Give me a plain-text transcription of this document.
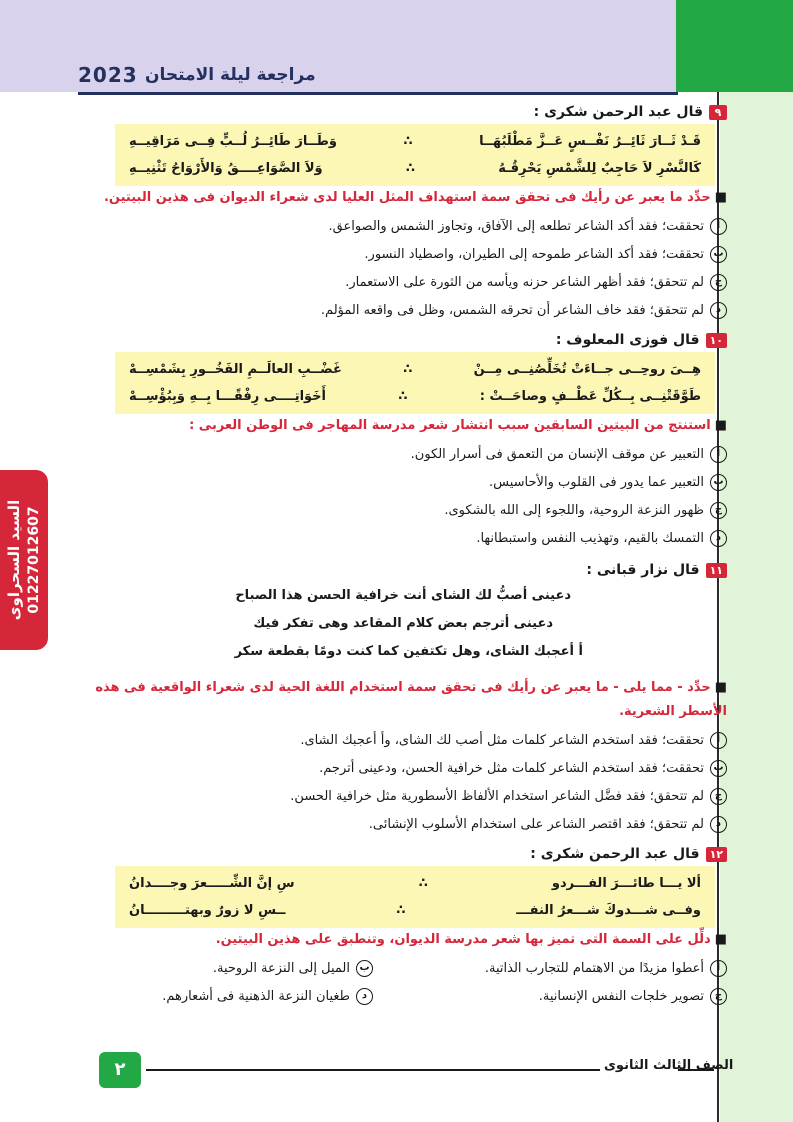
مراجعة ليلة الامتحان
2023
السيد السحراوى 01227012607
٩
قال عبد الرحمن شكرى :
قَـدْ ثَــارَ ثَائِــرُ نَفْــسٍ عَــزَّ مَطْلَبُهَــا
∴
وَطَــارَ طَائِــرُ لُــبٍّ فِــى مَرَاقِيــهِ
كَالنَّسْرِ لاَ حَاجِبٌ لِلشَّمْسِ يَحْرِقُـهُ
∴
وَلاَ الصَّوَاعِــــقُ وَالأَرْوَاحُ تَثْنِيــهِ
■حدِّد ما يعبر عن رأيك فى تحقق سمة استهداف المثل العليا لدى شعراء الديوان فى هذين البيتين.
أ
تحققت؛ فقد أكد الشاعر تطلعه إلى الآفاق، وتجاوز الشمس والصواعق.
ب
تحققت؛ فقد أكد الشاعر طموحه إلى الطيران، واصطياد النسور.
ج
لم تتحقق؛ فقد أظهر الشاعر حزنه ويأسه من الثورة على الاستعمار.
د
لم تتحقق؛ فقد خاف الشاعر أن تحرقه الشمس، وظل فى واقعه المؤلم.
١٠
قال فوزى المعلوف :
هِــىَ روحِــى جــاءَتْ تُخَلِّصُنِــى مِــنْ
∴
غَضْــبِ العالَــمِ الفَخُــورِ بِشَمْسِــهْ
طَوَّقَتْنِــى بِــكُلِّ عَطْــفٍ وصاحَــتْ :
∴
أَخَوَاتِــــى رِفْقًـــا بِــهِ وَبِبُؤْسِــهْ
■استنتج من البيتين السابقين سبب انتشار شعر مدرسة المهاجر فى الوطن العربى :
أ
التعبير عن موقف الإنسان من التعمق فى أسرار الكون.
ب
التعبير عما يدور فى القلوب والأحاسيس.
ج
ظهور النزعة الروحية، واللجوء إلى الله بالشكوى.
د
التمسك بالقيم، وتهذيب النفس واستبطانها.
١١
قال نزار قبانى :
دعينى أصبُّ لك الشاى أنت خرافية الحسن هذا الصباح
دعينى أترجم بعض كلام المقاعد وهى تفكر فيك
أ أعجبك الشاى، وهل تكتفين كما كنت دومًا بقطعة سكر
■حدِّد - مما يلى - ما يعبر عن رأيك فى تحقق سمة استخدام اللغة الحية لدى شعراء الواقعية فى هذه الأسطر الشعرية.
أ
تحققت؛ فقد استخدم الشاعر كلمات مثل أصب لك الشاى، وأ أعجبك الشاى.
ب
تحققت؛ فقد استخدم الشاعر كلمات مثل خرافية الحسن، ودعينى أترجم.
ج
لم تتحقق؛ فقد فضَّل الشاعر استخدام الألفاظ الأسطورية مثل خرافية الحسن.
د
لم تتحقق؛ فقد اقتصر الشاعر على استخدام الأسلوب الإنشائى.
١٢
قال عبد الرحمن شكرى :
ألا يـــا طائـــرَ الفـــردو
∴
سِ إنَّ الشِّـــــعرَ وجــــدانُ
وفــى شـــدوكَ شـــعرُ النفـــ
∴
ــسِ لا زورٌ وبهتـــــــــانُ
■دلِّل على السمة التى تميز بها شعر مدرسة الديوان، وتنطبق على هذين البيتين.
أ
أعطوا مزيدًا من الاهتمام للتجارب الذاتية.
ب
الميل إلى النزعة الروحية.
ج
تصوير خلجات النفس الإنسانية.
د
طغيان النزعة الذهنية فى أشعارهم.
٢	الصف الثالث الثانوى
